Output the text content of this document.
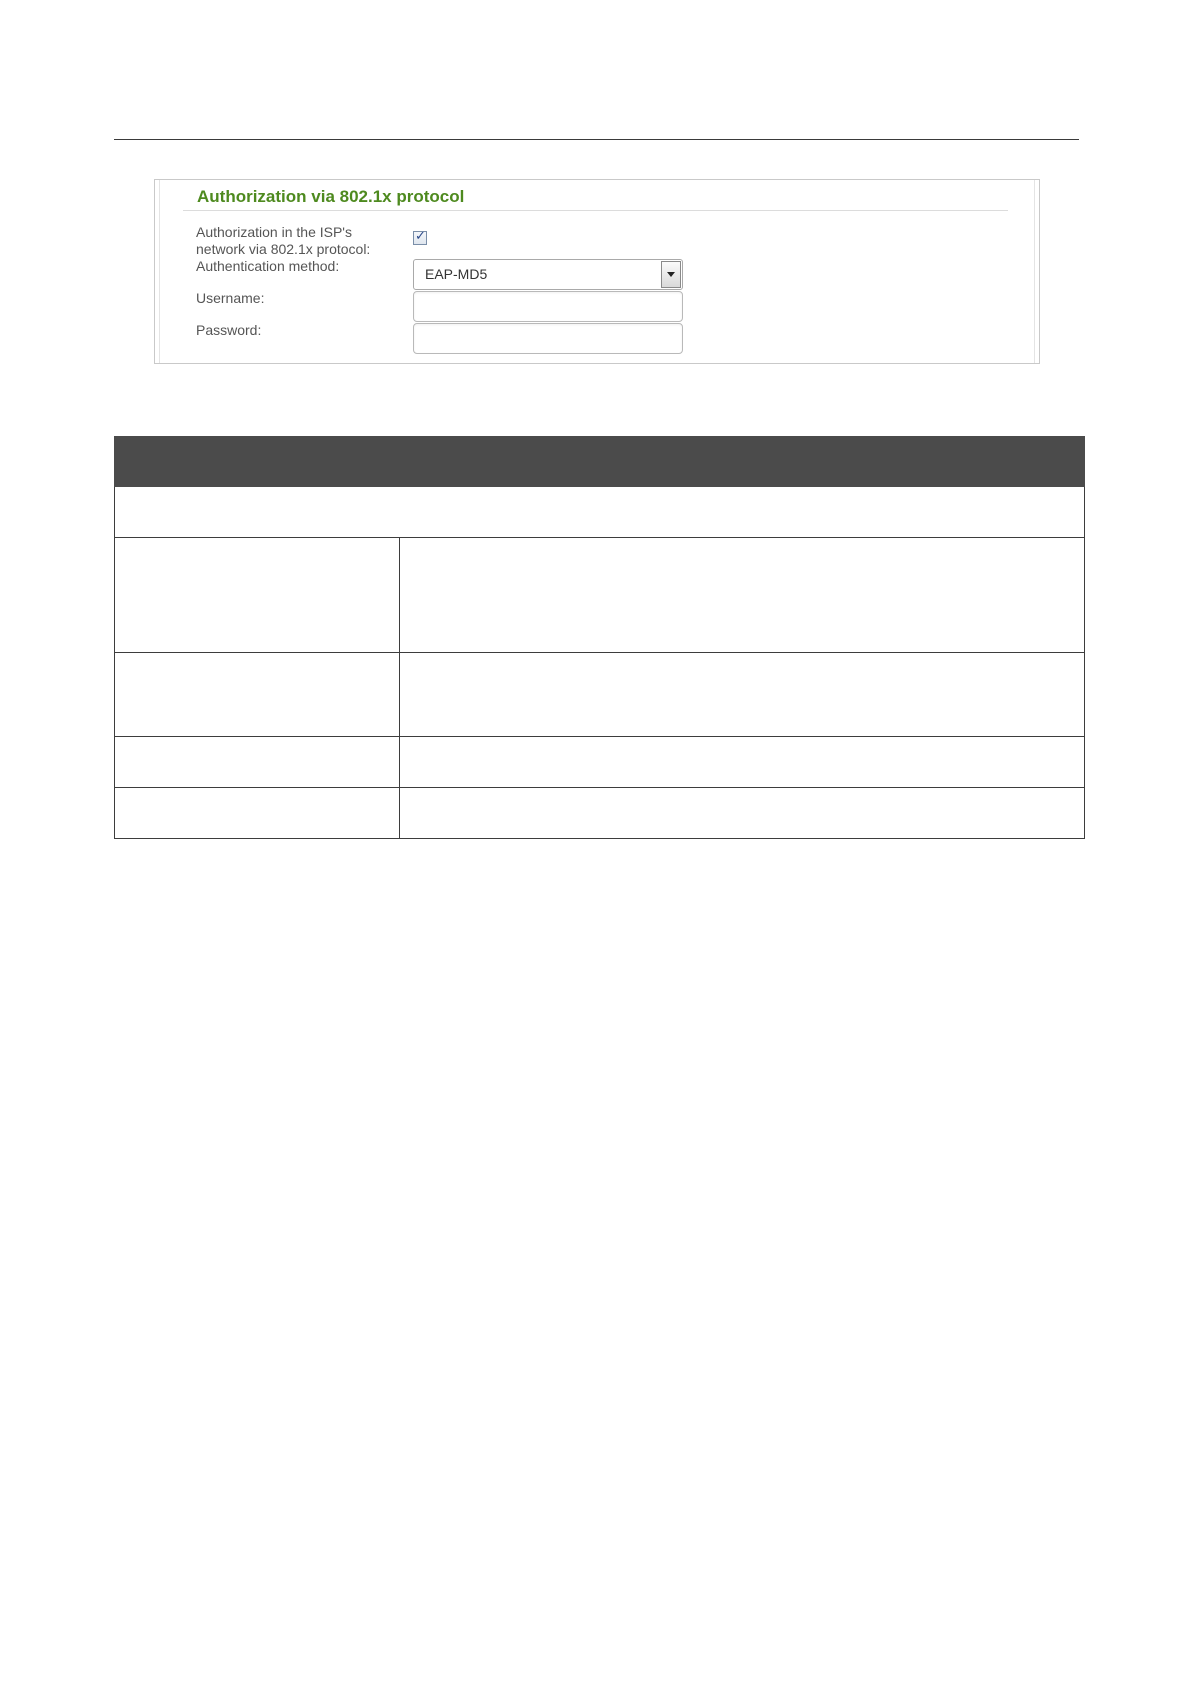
Authorization via 802.1x protocol
Authorization in the ISP's
network via 802.1x protocol:
✓
Authentication method:	EAP-MD5
Username:
Password:
